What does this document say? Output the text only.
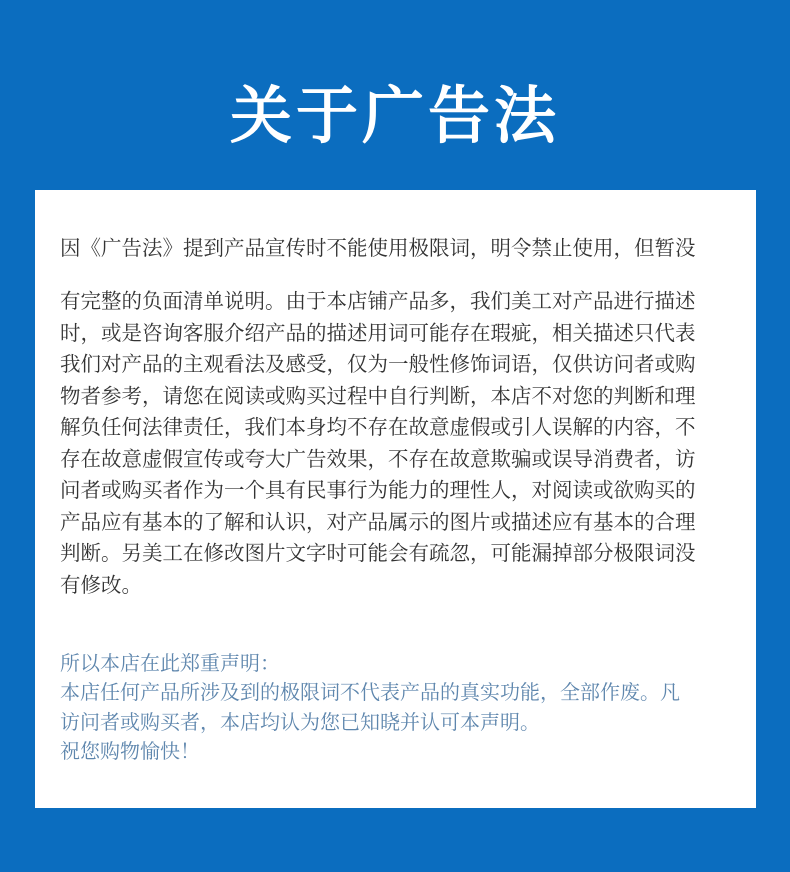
关于广告法
因《广告法》提到产品宣传时不能使用极限词，明令禁止使用，但暂没
有完整的负面清单说明。由于本店铺产品多，我们美工对产品进行描述
时，或是咨询客服介绍产品的描述用词可能存在瑕疵，相关描述只代表
我们对产品的主观看法及感受，仅为一般性修饰词语，仅供访问者或购
物者参考，请您在阅读或购买过程中自行判断，本店不对您的判断和理
解负任何法律责任，我们本身均不存在故意虚假或引人误解的内容，不
存在故意虚假宣传或夸大广告效果，不存在故意欺骗或误导消费者，访
问者或购买者作为一个具有民事行为能力的理性人，对阅读或欲购买的
产品应有基本的了解和认识，对产品属示的图片或描述应有基本的合理
判断。另美工在修改图片文字时可能会有疏忽，可能漏掉部分极限词没
有修改。
所以本店在此郑重声明：
本店任何产品所涉及到的极限词不代表产品的真实功能，全部作废。凡
访问者或购买者，本店均认为您已知晓并认可本声明。
祝您购物愉快！
